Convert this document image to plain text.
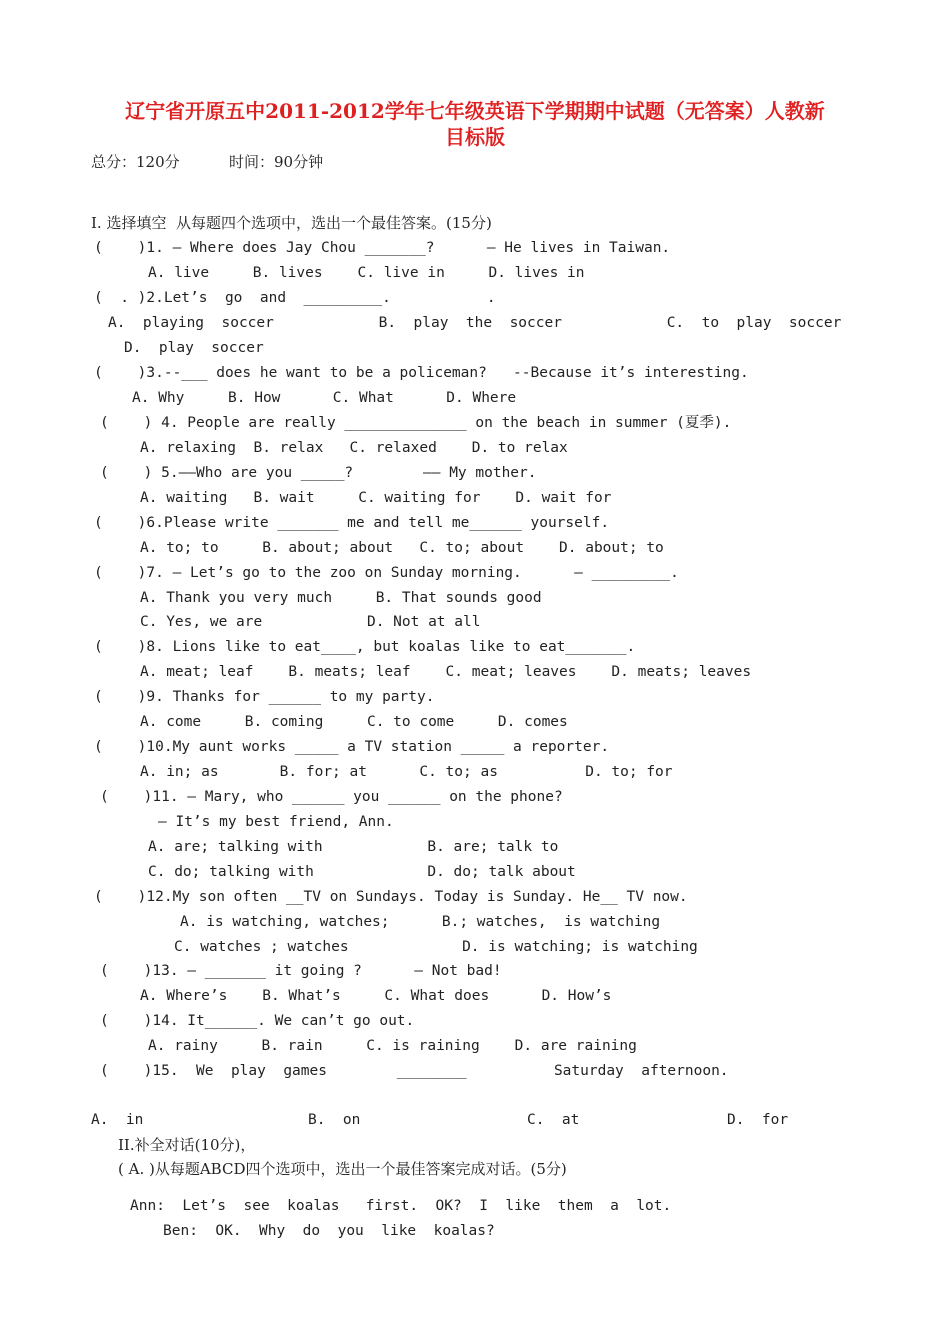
辽宁省开原五中2011-2012学年七年级英语下学期期中试题（无答案）人教新
目标版
总分：120分	时间：90分钟
I. 选择填空  从每题四个选项中，选出一个最佳答案。(15分)
(    )1. — Where does Jay Chou _______?      — He lives in Taiwan.
A. live     B. lives    C. live in     D. lives in
(  . )2.Let’s  go  and  _________.           .
A.  playing  soccer            B.  play  the  soccer            C.  to  play  soccer
D.  play  soccer
(    )3.--___ does he want to be a policeman?   --Because it’s interesting.
A. Why     B. How      C. What      D. Where
(    ) 4. People are really ______________ on the beach in summer (夏季).
A. relaxing  B. relax   C. relaxed    D. to relax
(    ) 5.——Who are you _____?        —— My mother.
A. waiting   B. wait     C. waiting for    D. wait for
(    )6.Please write _______ me and tell me______ yourself.
A. to; to     B. about; about   C. to; about    D. about; to
(    )7. — Let’s go to the zoo on Sunday morning.      — _________.
A. Thank you very much     B. That sounds good
C. Yes, we are            D. Not at all
(    )8. Lions like to eat____, but koalas like to eat_______.
A. meat; leaf    B. meats; leaf    C. meat; leaves    D. meats; leaves
(    )9. Thanks for ______ to my party.
A. come     B. coming     C. to come     D. comes
(    )10.My aunt works _____ a TV station _____ a reporter.
A. in; as       B. for; at      C. to; as          D. to; for
(    )11. — Mary, who ______ you ______ on the phone?
— It’s my best friend, Ann.
A. are; talking with            B. are; talk to
C. do; talking with             D. do; talk about
(    )12.My son often __TV on Sundays. Today is Sunday. He__ TV now.
A. is watching, watches;      B.; watches,  is watching
C. watches ; watches             D. is watching; is watching
(    )13. — _______ it going ?      — Not bad!
A. Where’s    B. What’s     C. What does      D. How’s
(    )14. It______. We can’t go out.
A. rainy     B. rain     C. is raining    D. are raining
(    )15.  We  play  games        ________          Saturday  afternoon.
A.  in	B.  on	C.  at	D.  for
II.补全对话(10分)，
( A. )从每题ABCD四个选项中，选出一个最佳答案完成对话。(5分)
Ann:  Let’s  see  koalas   first.  OK?  I  like  them  a  lot.
Ben:  OK.  Why  do  you  like  koalas?
